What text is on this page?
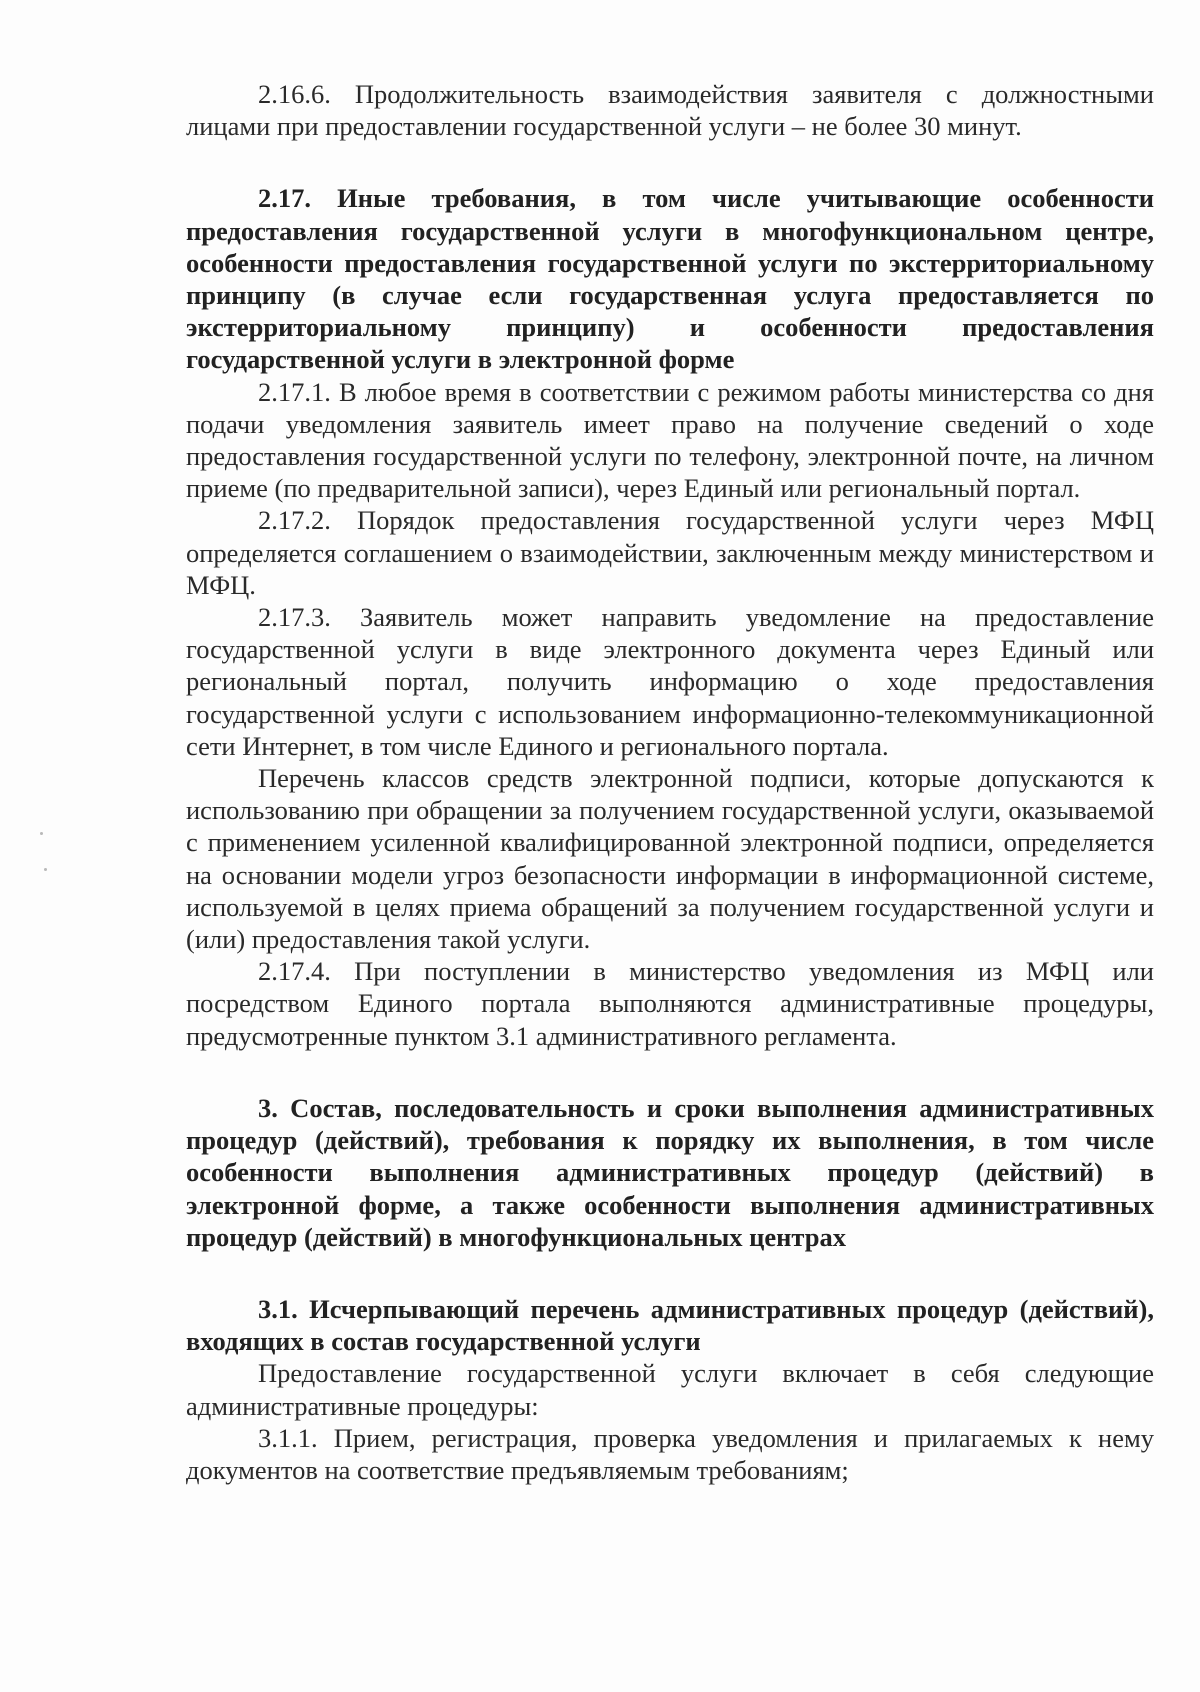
2.16.6. Продолжительность взаимодействия заявителя с должностными лицами при предоставлении государственной услуги – не более 30 минут.

2.17. Иные требования, в том числе учитывающие особенности предоставления государственной услуги в многофункциональном центре, особенности предоставления государственной услуги по экстерриториальному принципу (в случае если государственная услуга предоставляется по экстерриториальному принципу) и особенности предоставления государственной услуги в электронной форме

2.17.1. В любое время в соответствии с режимом работы министерства со дня подачи уведомления заявитель имеет право на получение сведений о ходе предоставления государственной услуги по телефону, электронной почте, на личном приеме (по предварительной записи), через Единый или региональный портал.

2.17.2. Порядок предоставления государственной услуги через МФЦ определяется соглашением о взаимодействии, заключенным между министерством и МФЦ.

2.17.3. Заявитель может направить уведомление на предоставление государственной услуги в виде электронного документа через Единый или региональный портал, получить информацию о ходе предоставления государственной услуги с использованием информационно-телекоммуникационной сети Интернет, в том числе Единого и регионального портала.

Перечень классов средств электронной подписи, которые допускаются к использованию при обращении за получением государственной услуги, оказываемой с применением усиленной квалифицированной электронной подписи, определяется на основании модели угроз безопасности информации в информационной системе, используемой в целях приема обращений за получением государственной услуги и (или) предоставления такой услуги.

2.17.4. При поступлении в министерство уведомления из МФЦ или посредством Единого портала выполняются административные процедуры, предусмотренные пунктом 3.1 административного регламента.

3. Состав, последовательность и сроки выполнения административных процедур (действий), требования к порядку их выполнения, в том числе особенности выполнения административных процедур (действий) в электронной форме, а также особенности выполнения административных процедур (действий) в многофункциональных центрах

3.1. Исчерпывающий перечень административных процедур (действий), входящих в состав государственной услуги

Предоставление государственной услуги включает в себя следующие административные процедуры:

3.1.1. Прием, регистрация, проверка уведомления и прилагаемых к нему документов на соответствие предъявляемым требованиям;
